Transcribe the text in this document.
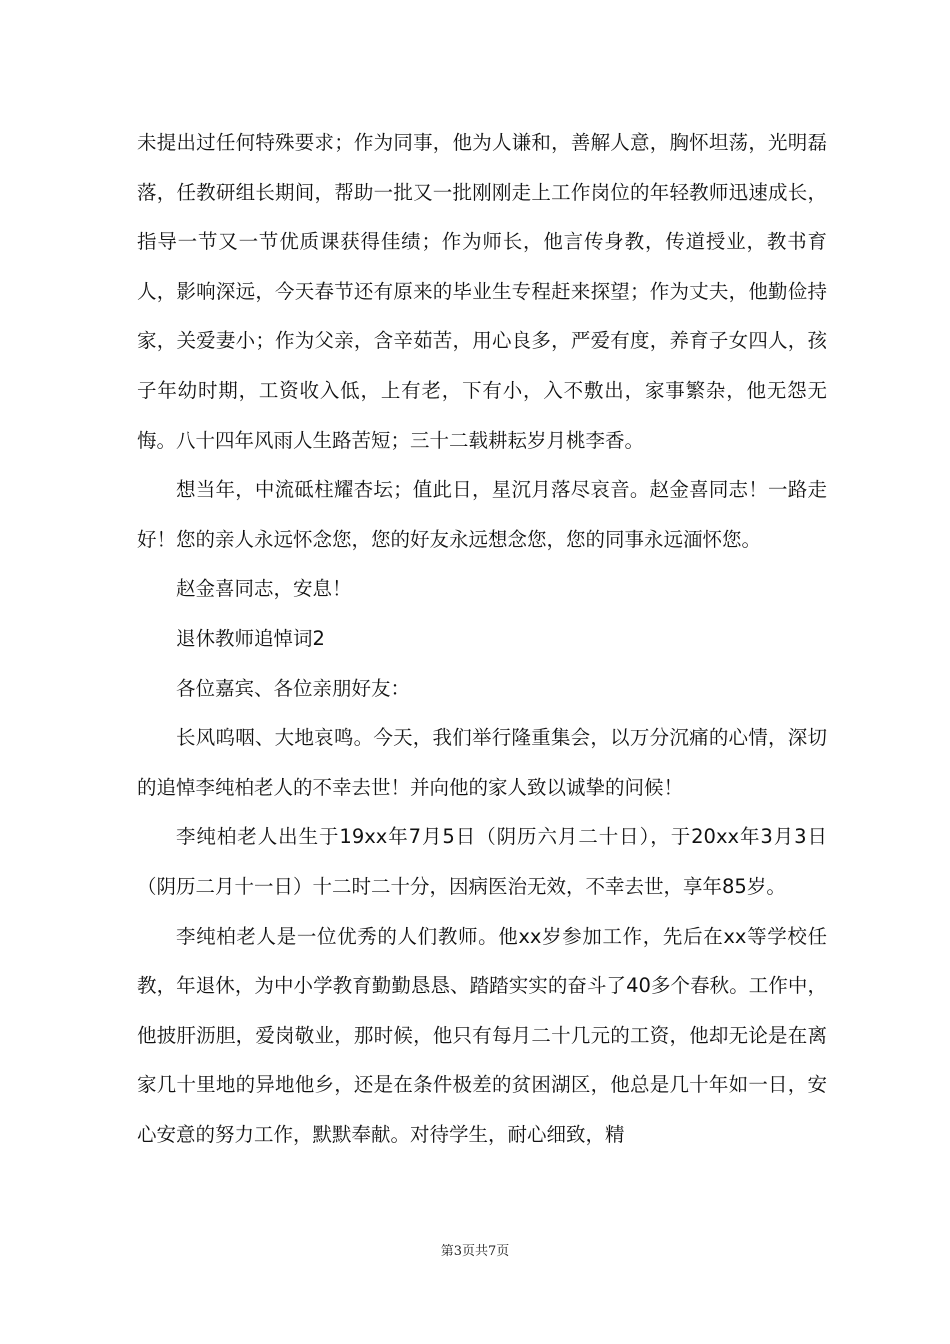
未提出过任何特殊要求；作为同事，他为人谦和，善解人意，胸怀坦荡，光明磊落，任教研组长期间，帮助一批又一批刚刚走上工作岗位的年轻教师迅速成长，指导一节又一节优质课获得佳绩；作为师长，他言传身教，传道授业，教书育人，影响深远，今天春节还有原来的毕业生专程赶来探望；作为丈夫，他勤俭持家，关爱妻小；作为父亲，含辛茹苦，用心良多，严爱有度，养育子女四人，孩子年幼时期，工资收入低，上有老，下有小，入不敷出，家事繁杂，他无怨无悔。八十四年风雨人生路苦短；三十二载耕耘岁月桃李香。

想当年，中流砥柱耀杏坛；值此日，星沉月落尽哀音。赵金喜同志！一路走好！您的亲人永远怀念您，您的好友永远想念您，您的同事永远湎怀您。

赵金喜同志，安息！

退休教师追悼词2

各位嘉宾、各位亲朋好友：

长风呜咽、大地哀鸣。今天，我们举行隆重集会，以万分沉痛的心情，深切的追悼李纯柏老人的不幸去世！并向他的家人致以诚挚的问候！

李纯柏老人出生于19xx年7月5日（阴历六月二十日），于20xx年3月3日（阴历二月十一日）十二时二十分，因病医治无效，不幸去世，享年85岁。

李纯柏老人是一位优秀的人们教师。他xx岁参加工作，先后在xx等学校任教，年退休，为中小学教育勤勤恳恳、踏踏实实的奋斗了40多个春秋。工作中，他披肝沥胆，爱岗敬业，那时候，他只有每月二十几元的工资，他却无论是在离家几十里地的异地他乡，还是在条件极差的贫困湖区，他总是几十年如一日，安心安意的努力工作，默默奉献。对待学生，耐心细致，精

第3页共7页
